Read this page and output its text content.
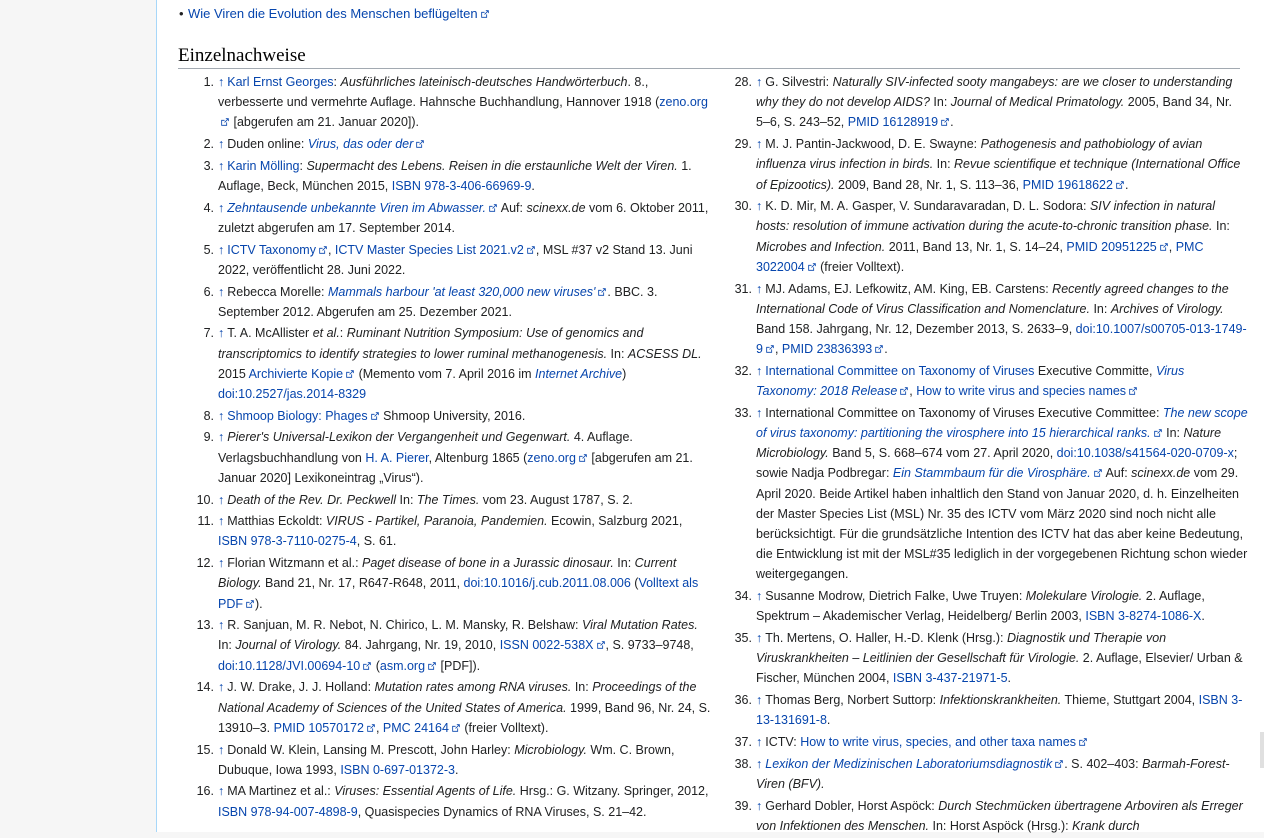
• Wie Viren die Evolution des Menschen beflügelten
Einzelnachweise
1. ↑ Karl Ernst Georges: Ausführliches lateinisch-deutsches Handwörterbuch. 8., verbesserte und vermehrte Auflage. Hahnsche Buchhandlung, Hannover 1918 (zeno.org [abgerufen am 21. Januar 2020]).
2. ↑ Duden online: Virus, das oder der
3. ↑ Karin Mölling: Supermacht des Lebens. Reisen in die erstaunliche Welt der Viren. 1. Auflage, Beck, München 2015, ISBN 978-3-406-66969-9.
4. ↑ Zehntausende unbekannte Viren im Abwasser. Auf: scinexx.de vom 6. Oktober 2011, zuletzt abgerufen am 17. September 2014.
5. ↑ ICTV Taxonomy , ICTV Master Species List 2021.v2 , MSL #37 v2 Stand 13. Juni 2022, veröffentlicht 28. Juni 2022.
6. ↑ Rebecca Morelle: Mammals harbour 'at least 320,000 new viruses' . BBC. 3. September 2012. Abgerufen am 25. Dezember 2021.
7. ↑ T. A. McAllister et al.: Ruminant Nutrition Symposium: Use of genomics and transcriptomics to identify strategies to lower ruminal methanogenesis. In: ACSESS DL. 2015 Archivierte Kopie (Memento vom 7. April 2016 im Internet Archive) doi:10.2527/jas.2014-8329
8. ↑ Shmoop Biology: Phages Shmoop University, 2016.
9. ↑ Pierer's Universal-Lexikon der Vergangenheit und Gegenwart. 4. Auflage. Verlagsbuchhandlung von H. A. Pierer, Altenburg 1865 (zeno.org [abgerufen am 21. Januar 2020] Lexikoneintrag „Virus“).
10. ↑ Death of the Rev. Dr. Peckwell In: The Times. vom 23. August 1787, S. 2.
11. ↑ Matthias Eckoldt: VIRUS - Partikel, Paranoia, Pandemien. Ecowin, Salzburg 2021, ISBN 978-3-7110-0275-4, S. 61.
12. ↑ Florian Witzmann et al.: Paget disease of bone in a Jurassic dinosaur. In: Current Biology. Band 21, Nr. 17, R647-R648, 2011, doi:10.1016/j.cub.2011.08.006 (Volltext als PDF ).
13. ↑ R. Sanjuan, M. R. Nebot, N. Chirico, L. M. Mansky, R. Belshaw: Viral Mutation Rates. In: Journal of Virology. 84. Jahrgang, Nr. 19, 2010, ISSN 0022-538X , S. 9733–9748, doi:10.1128/JVI.00694-10 (asm.org [PDF]).
14. ↑ J. W. Drake, J. J. Holland: Mutation rates among RNA viruses. In: Proceedings of the National Academy of Sciences of the United States of America. 1999, Band 96, Nr. 24, S. 13910–3. PMID 10570172 , PMC 24164 (freier Volltext).
15. ↑ Donald W. Klein, Lansing M. Prescott, John Harley: Microbiology. Wm. C. Brown, Dubuque, Iowa 1993, ISBN 0-697-01372-3.
16. ↑ MA Martinez et al.: Viruses: Essential Agents of Life. Hrsg.: G. Witzany. Springer, 2012, ISBN 978-94-007-4898-9, Quasispecies Dynamics of RNA Viruses, S. 21–42.
28. ↑ G. Silvestri: Naturally SIV-infected sooty mangabeys: are we closer to understanding why they do not develop AIDS? In: Journal of Medical Primatology. 2005, Band 34, Nr. 5–6, S. 243–52, PMID 16128919 .
29. ↑ M. J. Pantin-Jackwood, D. E. Swayne: Pathogenesis and pathobiology of avian influenza virus infection in birds. In: Revue scientifique et technique (International Office of Epizootics). 2009, Band 28, Nr. 1, S. 113–36, PMID 19618622 .
30. ↑ K. D. Mir, M. A. Gasper, V. Sundaravaradan, D. L. Sodora: SIV infection in natural hosts: resolution of immune activation during the acute-to-chronic transition phase. In: Microbes and Infection. 2011, Band 13, Nr. 1, S. 14–24, PMID 20951225 , PMC 3022004 (freier Volltext).
31. ↑ MJ. Adams, EJ. Lefkowitz, AM. King, EB. Carstens: Recently agreed changes to the International Code of Virus Classification and Nomenclature. In: Archives of Virology. Band 158. Jahrgang, Nr. 12, Dezember 2013, S. 2633–9, doi:10.1007/s00705-013-1749-9 , PMID 23836393 .
32. ↑ International Committee on Taxonomy of Viruses Executive Committe, Virus Taxonomy: 2018 Release , How to write virus and species names
33. ↑ International Committee on Taxonomy of Viruses Executive Committee: The new scope of virus taxonomy: partitioning the virosphere into 15 hierarchical ranks. In: Nature Microbiology. Band 5, S. 668–674 vom 27. April 2020, doi:10.1038/s41564-020-0709-x; sowie Nadja Podbregar: Ein Stammbaum für die Virosphäre. Auf: scinexx.de vom 29. April 2020. Beide Artikel haben inhaltlich den Stand von Januar 2020, d. h. Einzelheiten der Master Species List (MSL) Nr. 35 des ICTV vom März 2020 sind noch nicht alle berücksichtigt. Für die grundsätzliche Intention des ICTV hat das aber keine Bedeutung, die Entwicklung ist mit der MSL#35 lediglich in der vorgegebenen Richtung schon wieder weitergegangen.
34. ↑ Susanne Modrow, Dietrich Falke, Uwe Truyen: Molekulare Virologie. 2. Auflage, Spektrum – Akademischer Verlag, Heidelberg/ Berlin 2003, ISBN 3-8274-1086-X.
35. ↑ Th. Mertens, O. Haller, H.-D. Klenk (Hrsg.): Diagnostik und Therapie von Viruskrankheiten – Leitlinien der Gesellschaft für Virologie. 2. Auflage, Elsevier/ Urban & Fischer, München 2004, ISBN 3-437-21971-5.
36. ↑ Thomas Berg, Norbert Suttorp: Infektionskrankheiten. Thieme, Stuttgart 2004, ISBN 3-13-131691-8.
37. ↑ ICTV: How to write virus, species, and other taxa names
38. ↑ Lexikon der Medizinischen Laboratoriumsdiagnostik . S. 402–403: Barmah-Forest-Viren (BFV).
39. ↑ Gerhard Dobler, Horst Aspöck: Durch Stechmücken übertragene Arboviren als Erreger von Infektionen des Menschen. In: Horst Aspöck (Hrsg.): Krank durch
